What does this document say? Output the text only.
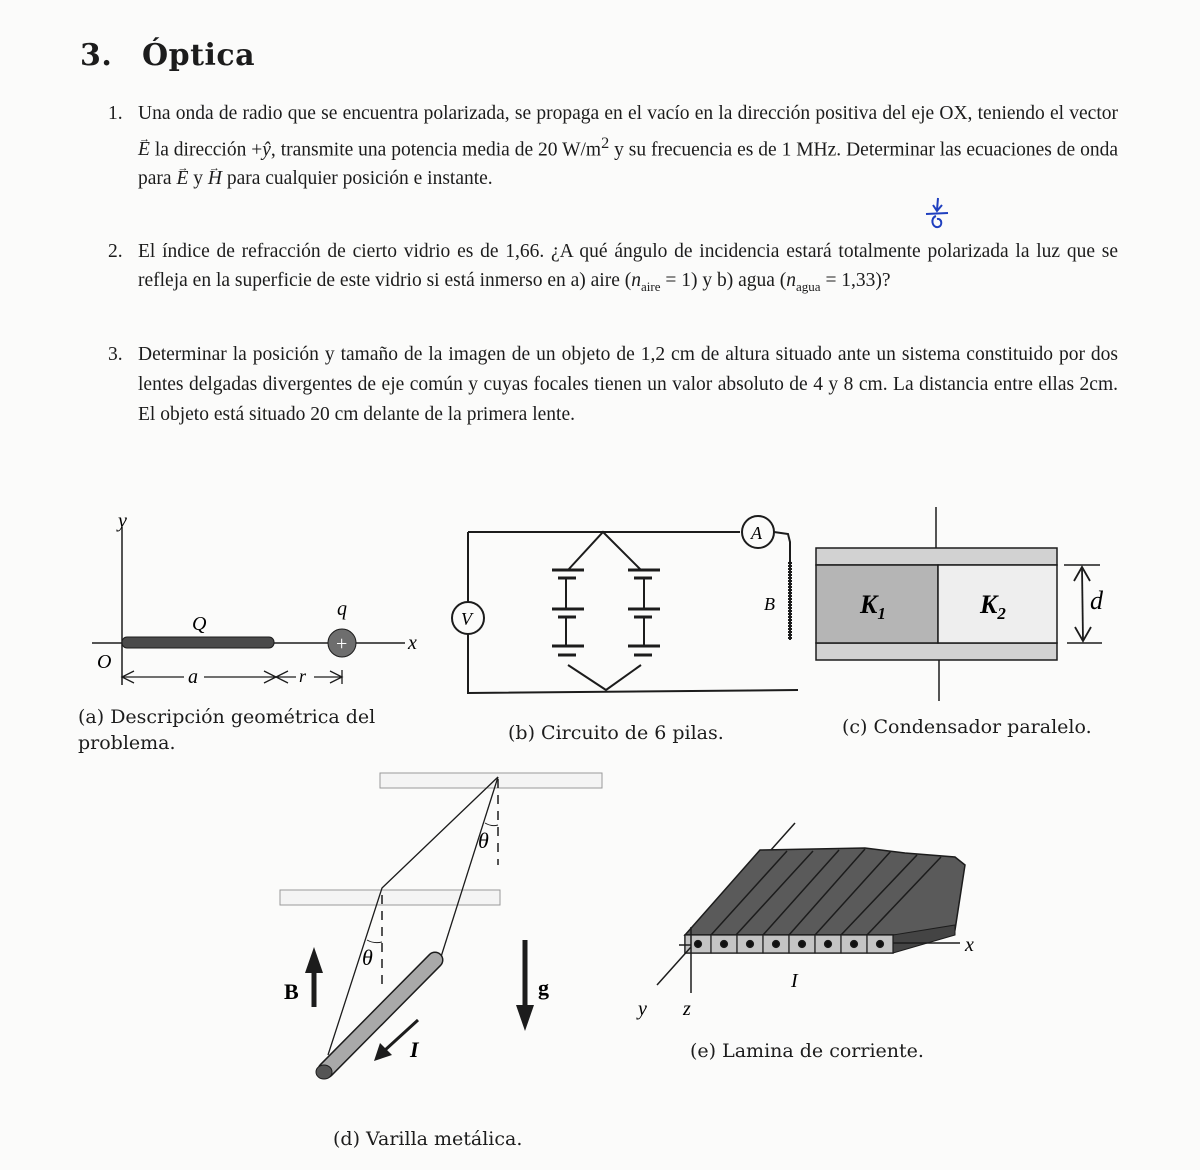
3. Óptica
1. Una onda de radio que se encuentra polarizada, se propaga en el vacío en la dirección positiva del eje OX, teniendo el vector → E la dirección +ŷ, transmite una potencia media de 20 $W/m^2$ y su frecuencia es de 1 MHz. Determinar las ecuaciones de onda para → E y → H para cualquier posición e instante.
2. El índice de refracción de cierto vidrio es de 1,66. ¿A qué ángulo de incidencia estará totalmente polarizada la luz que se refleja en la superficie de este vidrio si está inmerso en a) aire $(n_{aire} = 1)$ y b) agua $(n_{agua} = 1,33)$?
3. Determinar la posición y tamaño de la imagen de un objeto de 1,2 cm de altura situado ante un sistema constituido por dos lentes delgadas divergentes de eje común y cuyas focales tienen un valor absoluto de 4 y 8 cm. La distancia entre ellas 2cm. El objeto está situado 20 cm delante de la primera lente.
y
x
O
Q
+
q
a	r
(a) Descripción geométrica del problema.
V
A
B
(b) Circuito de 6 pilas.
$K_1$	$K_2$	d
(c) Condensador paralelo.
θ
θ
I
B	g
(d) Varilla metálica.
x
y z
I
(e) Lamina de corriente.
